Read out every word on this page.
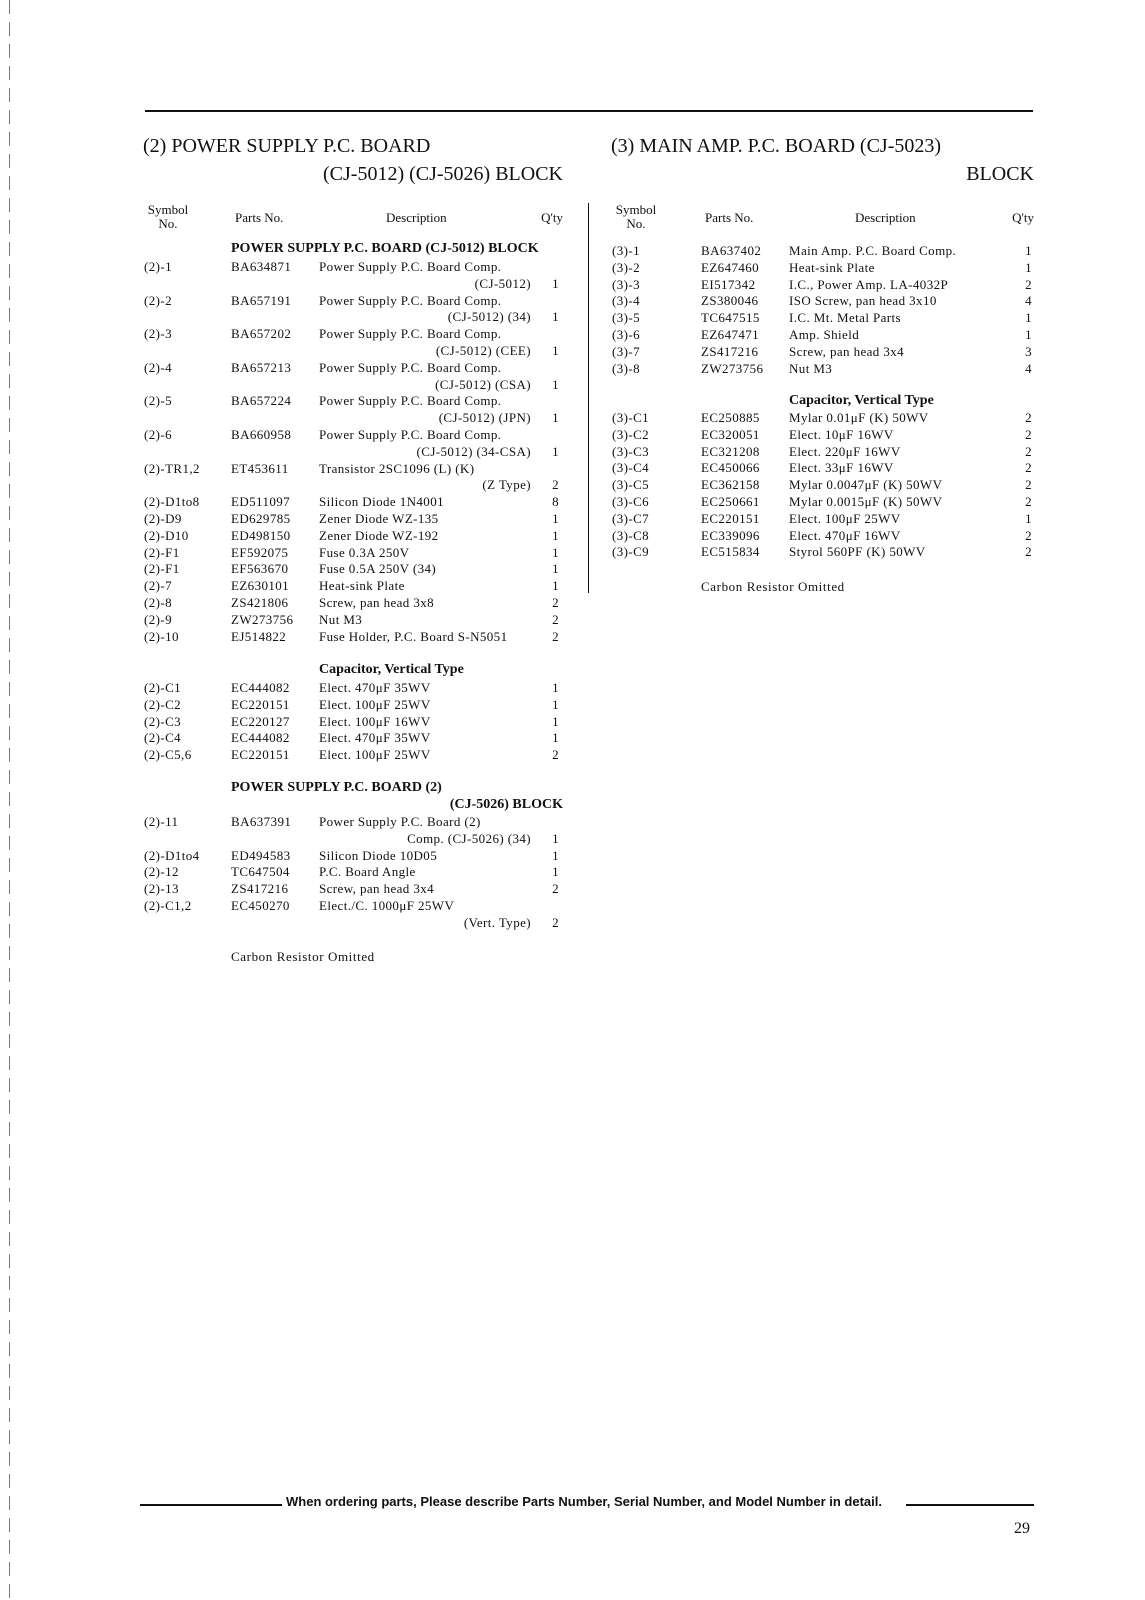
(2) POWER SUPPLY P.C. BOARD
(CJ-5012) (CJ-5026) BLOCK
Symbol
No.	Parts No.	Description	Q'ty
POWER SUPPLY P.C. BOARD (CJ-5012) BLOCK
(2)-1	BA634871 Power Supply P.C. Board Comp.
(CJ-5012) 1
(2)-2	BA657191 Power Supply P.C. Board Comp.
(CJ-5012) (34) 1
(2)-3	BA657202 Power Supply P.C. Board Comp.
(CJ-5012) (CEE) 1
(2)-4	BA657213 Power Supply P.C. Board Comp.
(CJ-5012) (CSA) 1
(2)-5	BA657224 Power Supply P.C. Board Comp.
(CJ-5012) (JPN) 1
(2)-6	BA660958 Power Supply P.C. Board Comp.
(CJ-5012) (34-CSA) 1
(2)-TR1,2 ET453611 Transistor 2SC1096 (L) (K)
(Z Type) 2
(2)-D1to8 ED511097 Silicon Diode 1N4001	8
(2)-D9	ED629785 Zener Diode WZ-135	1
(2)-D10	ED498150 Zener Diode WZ-192	1
(2)-F1	EF592075 Fuse 0.3A 250V	1
(2)-F1	EF563670 Fuse 0.5A 250V (34)	1
(2)-7	EZ630101 Heat-sink Plate	1
(2)-8	ZS421806 Screw, pan head 3x8	2
(2)-9	ZW273756 Nut M3	2
(2)-10	EJ514822	Fuse Holder, P.C. Board S-N5051	2
Capacitor, Vertical Type
(2)-C1	EC444082 Elect. 470μF 35WV	1
(2)-C2	EC220151 Elect. 100μF 25WV	1
(2)-C3	EC220127 Elect. 100μF 16WV	1
(2)-C4	EC444082 Elect. 470μF 35WV	1
(2)-C5,6	EC220151 Elect. 100μF 25WV	2
POWER SUPPLY P.C. BOARD (2)
(CJ-5026) BLOCK
(2)-11	BA637391 Power Supply P.C. Board (2)
Comp. (CJ-5026) (34) 1
(2)-D1to4 ED494583 Silicon Diode 10D05	1
(2)-12	TC647504 P.C. Board Angle	1
(2)-13	ZS417216 Screw, pan head 3x4	2
(2)-C1,2	EC450270 Elect./C. 1000μF 25WV
(Vert. Type) 2
Carbon Resistor Omitted
(3) MAIN AMP. P.C. BOARD (CJ-5023)
BLOCK
Symbol
No.	Parts No.	Description	Q'ty
(3)-1	BA637402 Main Amp. P.C. Board Comp.	1
(3)-2	EZ647460 Heat-sink Plate	1
(3)-3	EI517342	I.C., Power Amp. LA-4032P	2
(3)-4	ZS380046 ISO Screw, pan head 3x10	4
(3)-5	TC647515 I.C. Mt. Metal Parts	1
(3)-6	EZ647471 Amp. Shield	1
(3)-7	ZS417216 Screw, pan head 3x4	3
(3)-8	ZW273756 Nut M3	4
Capacitor, Vertical Type
(3)-C1	EC250885 Mylar 0.01μF (K) 50WV	2
(3)-C2	EC320051 Elect. 10μF 16WV	2
(3)-C3	EC321208 Elect. 220μF 16WV	2
(3)-C4	EC450066 Elect. 33μF 16WV	2
(3)-C5	EC362158 Mylar 0.0047μF (K) 50WV	2
(3)-C6	EC250661 Mylar 0.0015μF (K) 50WV	2
(3)-C7	EC220151 Elect. 100μF 25WV	1
(3)-C8	EC339096 Elect. 470μF 16WV	2
(3)-C9	EC515834 Styrol 560PF (K) 50WV	2
Carbon Resistor Omitted
When ordering parts, Please describe Parts Number, Serial Number, and Model Number in detail.
29
